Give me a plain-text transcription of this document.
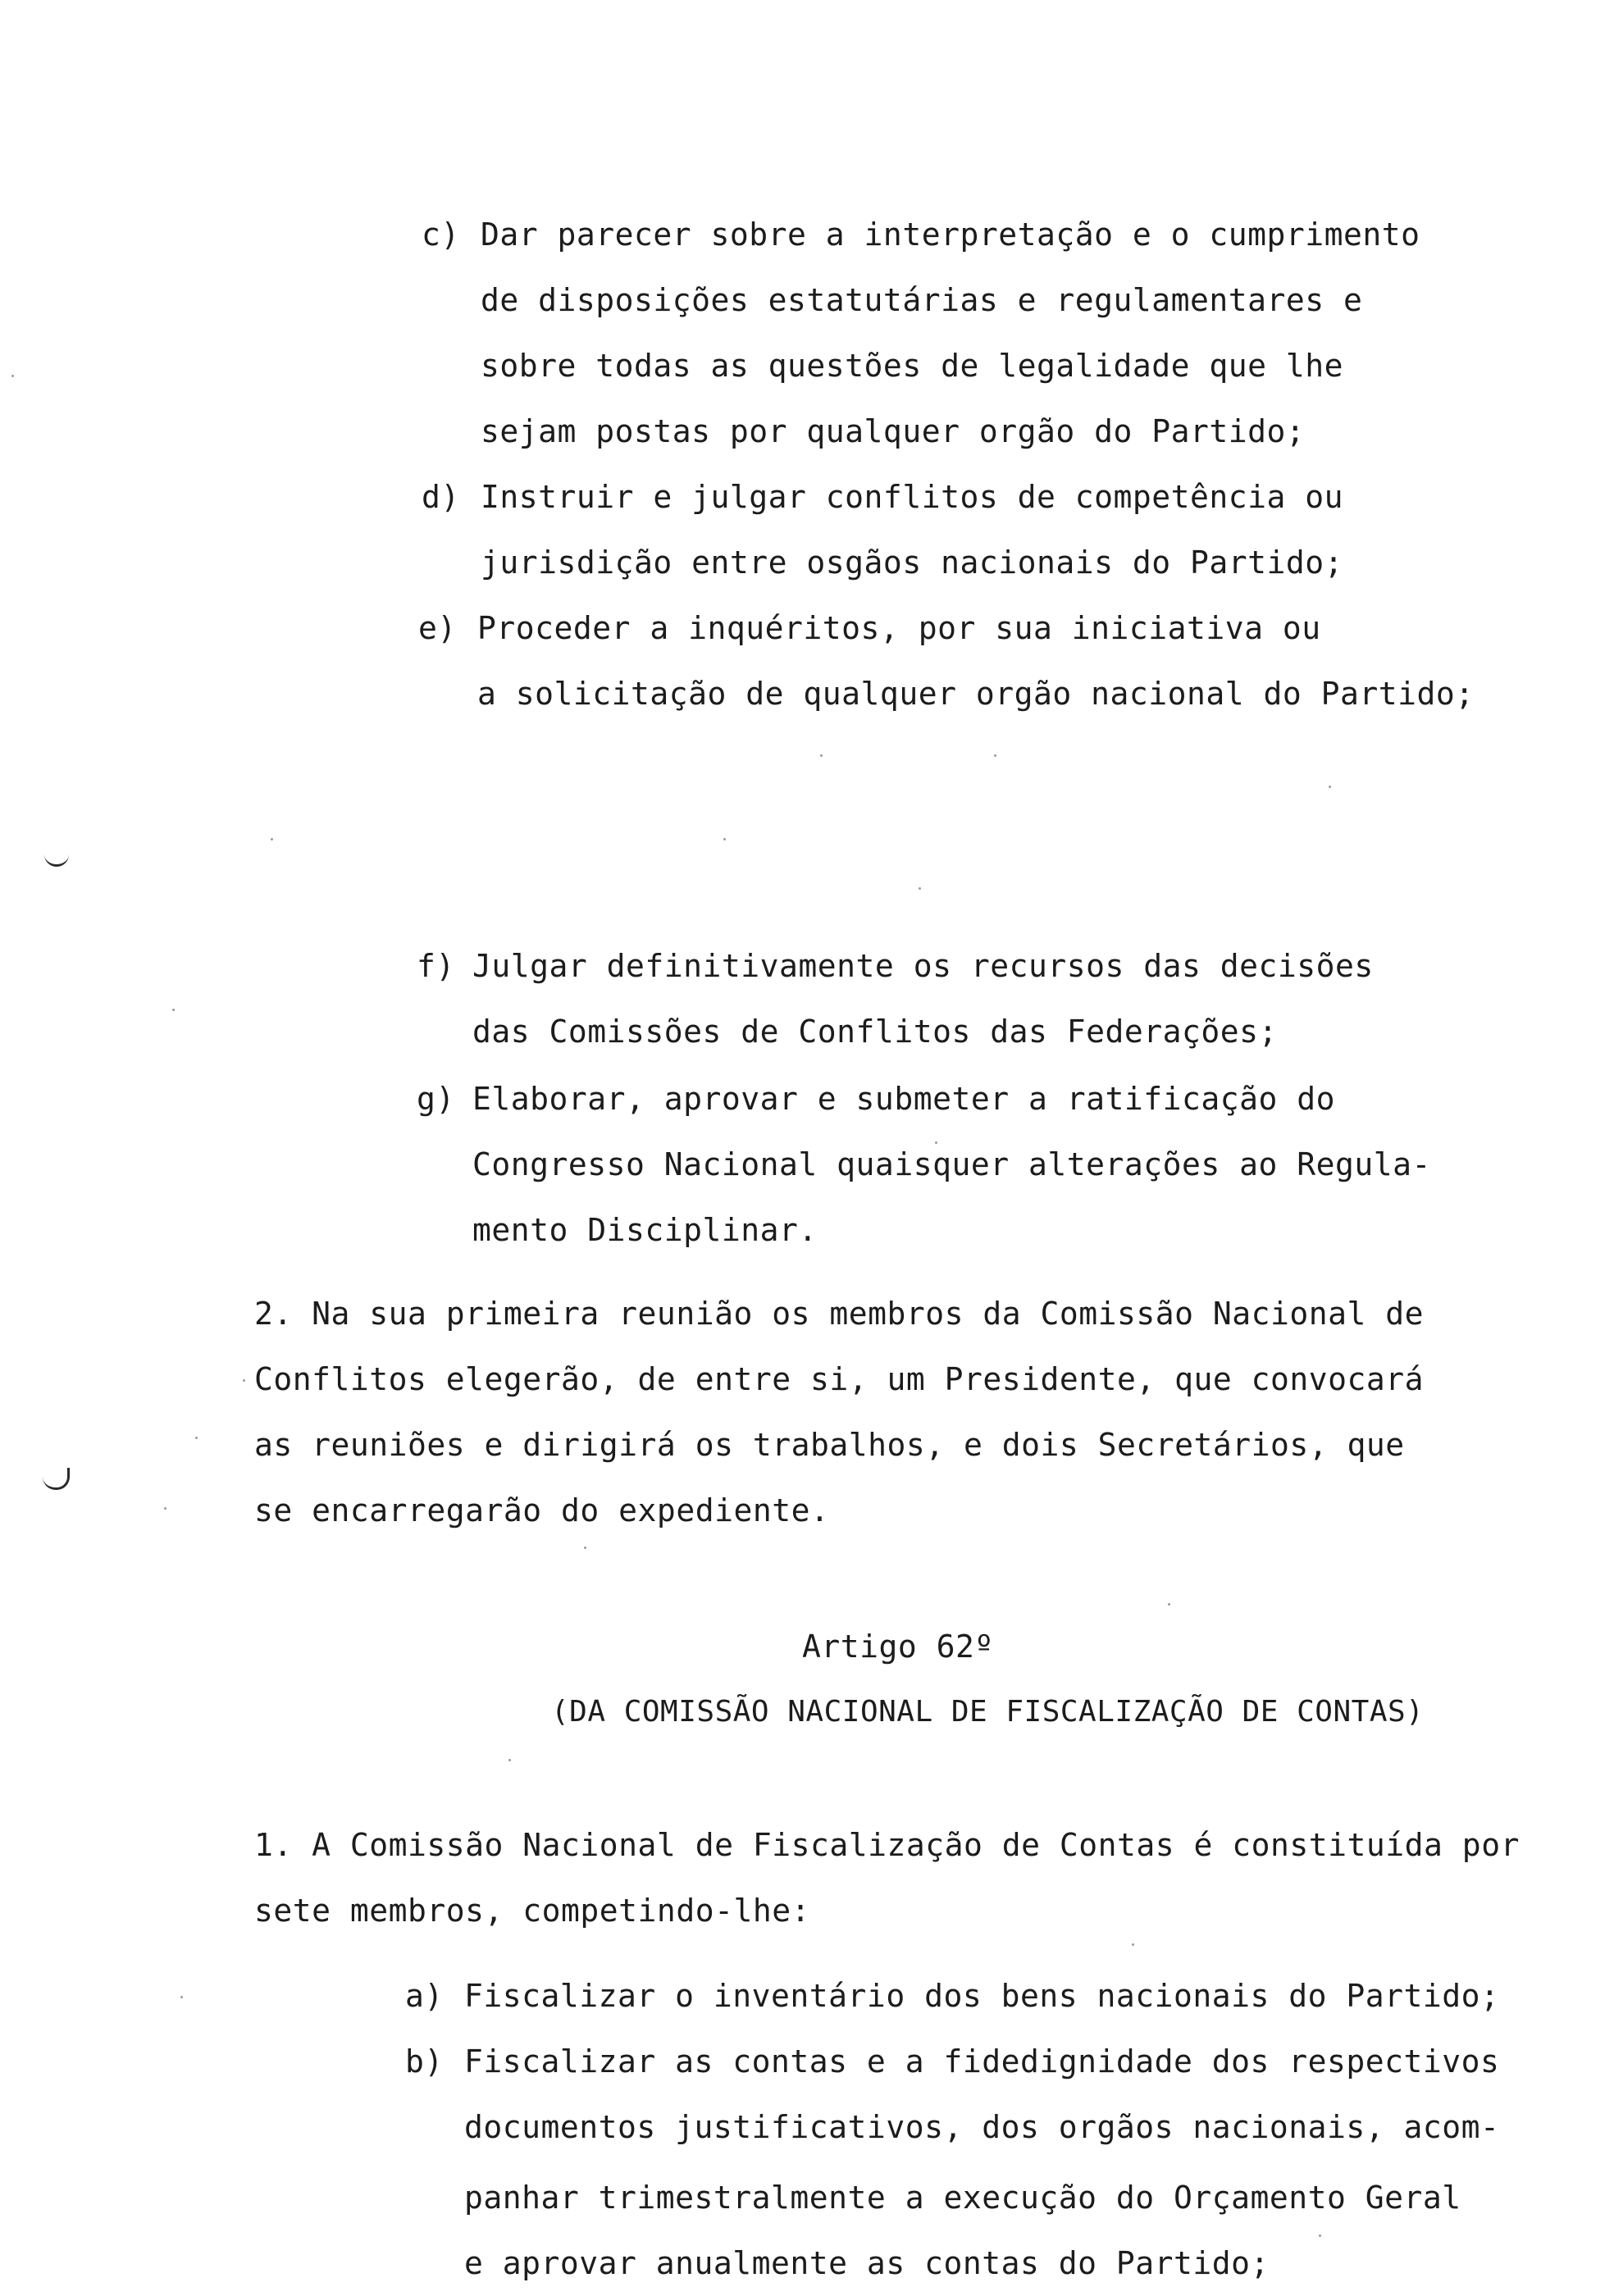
c) Dar parecer sobre a interpretação e o cumprimento
de disposições estatutárias e regulamentares e
sobre todas as questões de legalidade que lhe
sejam postas por qualquer orgão do Partido;
d) Instruir e julgar conflitos de competência ou
jurisdição entre osgãos nacionais do Partido;
e) Proceder a inquéritos, por sua iniciativa ou
a solicitação de qualquer orgão nacional do Partido;
f) Julgar definitivamente os recursos das decisões
das Comissões de Conflitos das Federações;
g) Elaborar, aprovar e submeter a ratificação do
Congresso Nacional quaisquer alterações ao Regula-
mento Disciplinar.
2. Na sua primeira reunião os membros da Comissão Nacional de
Conflitos elegerão, de entre si, um Presidente, que convocará
as reuniões e dirigirá os trabalhos, e dois Secretários, que
se encarregarão do expediente.
Artigo 62º
(DA COMISSÃO NACIONAL DE FISCALIZAÇÃO DE CONTAS)
1. A Comissão Nacional de Fiscalização de Contas é constituída por
sete membros, competindo-lhe:
a) Fiscalizar o inventário dos bens nacionais do Partido;
b) Fiscalizar as contas e a fidedignidade dos respectivos
documentos justificativos, dos orgãos nacionais, acom-
panhar trimestralmente a execução do Orçamento Geral
e aprovar anualmente as contas do Partido;
